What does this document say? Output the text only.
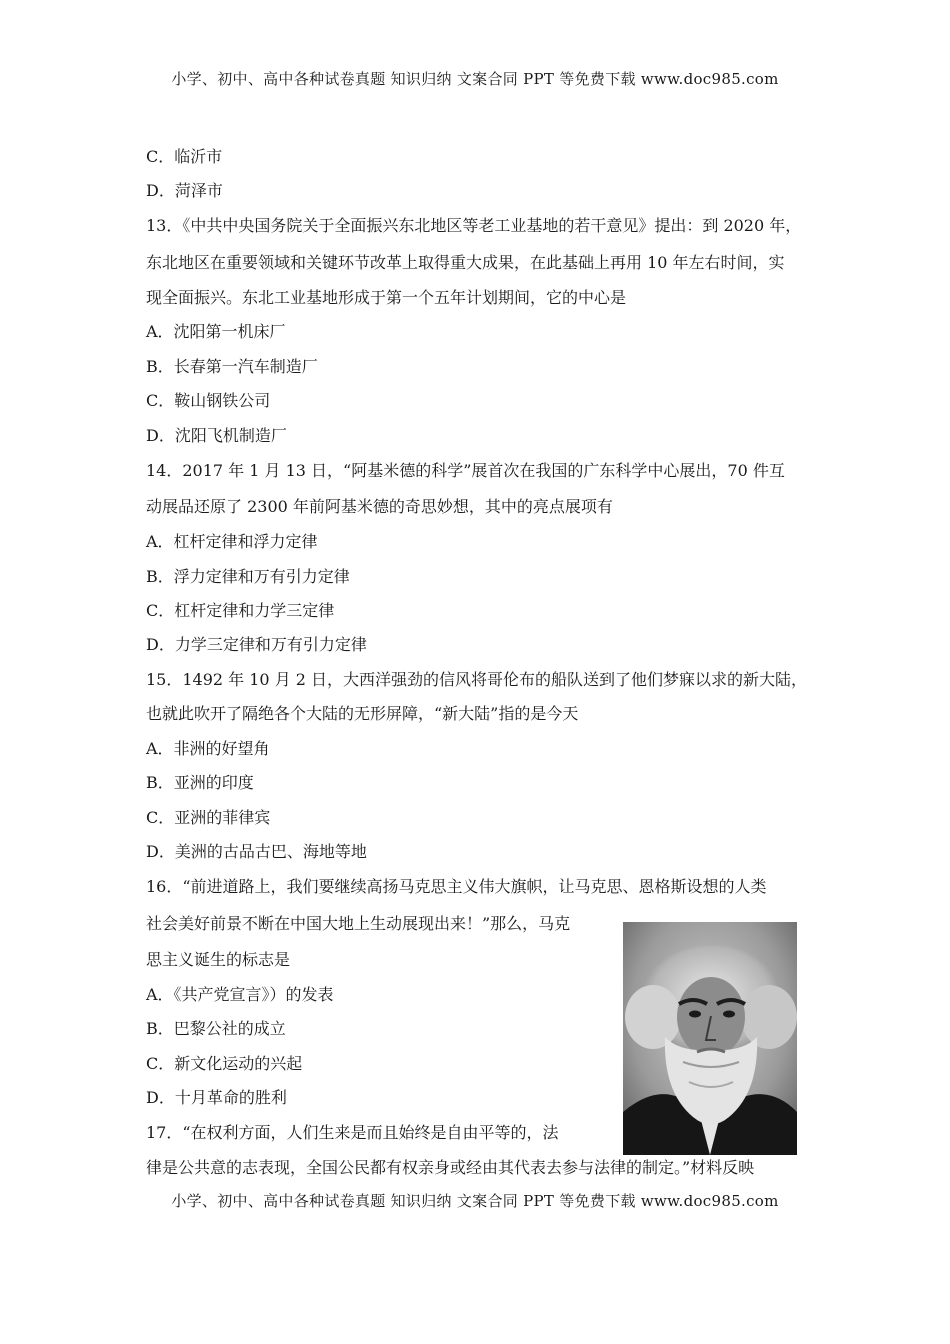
小学、初中、高中各种试卷真题 知识归纳 文案合同 PPT 等免费下载 www.doc985.com
C．临沂市
D．菏泽市
13．《中共中央国务院关于全面振兴东北地区等老工业基地的若干意见》提出：到 2020 年，
东北地区在重要领域和关键环节改革上取得重大成果，在此基础上再用 10 年左右时间，实
现全面振兴。东北工业基地形成于第一个五年计划期间，它的中心是
A．沈阳第一机床厂
B．长春第一汽车制造厂
C．鞍山钢铁公司
D．沈阳飞机制造厂
14．2017 年 1 月 13 日，“阿基米德的科学”展首次在我国的广东科学中心展出，70 件互
动展品还原了 2300 年前阿基米德的奇思妙想，其中的亮点展项有
A．杠杆定律和浮力定律
B．浮力定律和万有引力定律
C．杠杆定律和力学三定律
D．力学三定律和万有引力定律
15．1492 年 10 月 2 日，大西洋强劲的信风将哥伦布的船队送到了他们梦寐以求的新大陆，
也就此吹开了隔绝各个大陆的无形屏障，“新大陆”指的是今天
A．非洲的好望角
B．亚洲的印度
C．亚洲的菲律宾
D．美洲的古品古巴、海地等地
16．“前进道路上，我们要继续高扬马克思主义伟大旗帜，让马克思、恩格斯设想的人类
社会美好前景不断在中国大地上生动展现出来！”那么，马克
思主义诞生的标志是
A．《共产党宣言》）的发表
B．巴黎公社的成立
C．新文化运动的兴起
D．十月革命的胜利
17．“在权利方面，人们生来是而且始终是自由平等的，法
律是公共意的志表现，全国公民都有权亲身或经由其代表去参与法律的制定。”材料反映
小学、初中、高中各种试卷真题 知识归纳 文案合同 PPT 等免费下载 www.doc985.com
